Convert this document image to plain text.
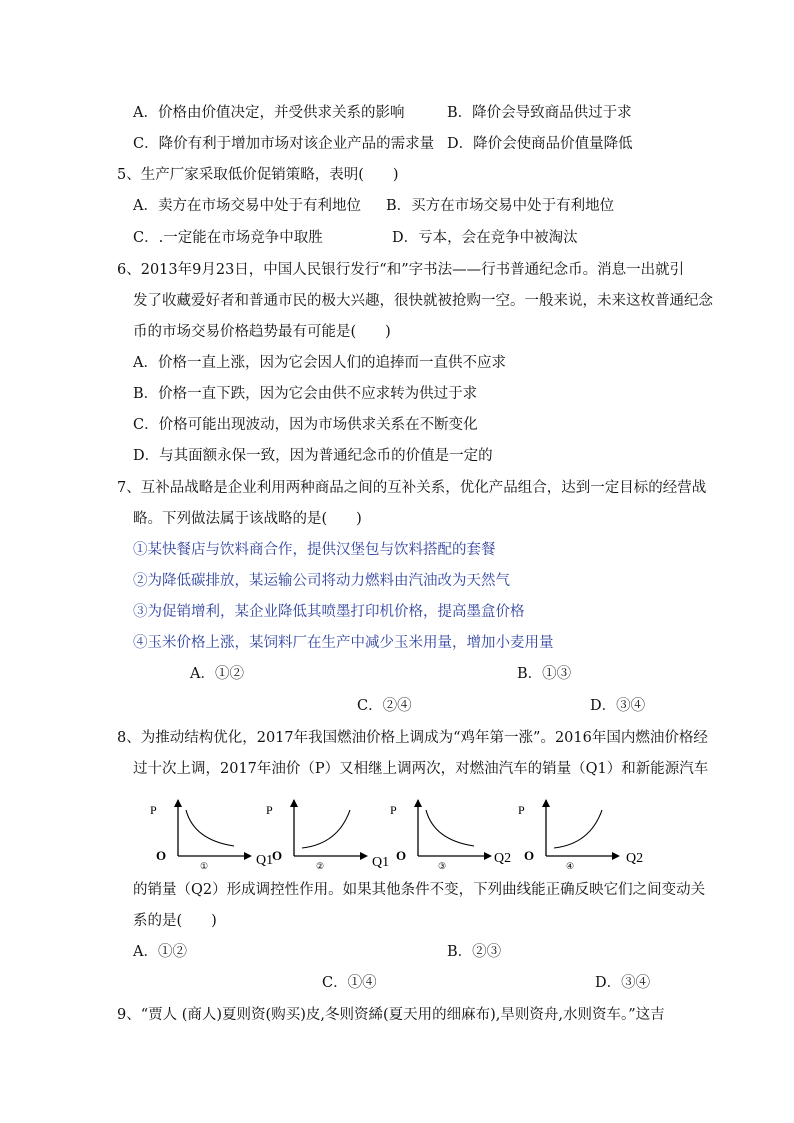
A．价格由价值决定，并受供求关系的影响	B．降价会导致商品供过于求
C．降价有利于增加市场对该企业产品的需求量 D．降价会使商品价值量降低
5、生产厂家采取低价促销策略，表明(　　)
A．卖方在市场交易中处于有利地位 B．买方在市场交易中处于有利地位
C．.一定能在市场竞争中取胜	D．亏本，会在竞争中被淘汰
6、2013年9月23日，中国人民银行发行“和”字书法——行书普通纪念币。消息一出就引
发了收藏爱好者和普通市民的极大兴趣，很快就被抢购一空。一般来说，未来这枚普通纪念
币的市场交易价格趋势最有可能是(　　)
A．价格一直上涨，因为它会因人们的追捧而一直供不应求
B．价格一直下跌，因为它会由供不应求转为供过于求
C．价格可能出现波动，因为市场供求关系在不断变化
D．与其面额永保一致，因为普通纪念币的价值是一定的
7、互补品战略是企业利用两种商品之间的互补关系，优化产品组合，达到一定目标的经营战
略。下列做法属于该战略的是(　　)
①某快餐店与饮料商合作，提供汉堡包与饮料搭配的套餐
②为降低碳排放，某运输公司将动力燃料由汽油改为天然气
③为促销增利，某企业降低其喷墨打印机价格，提高墨盒价格
④玉米价格上涨，某饲料厂在生产中减少玉米用量，增加小麦用量
A．①②	B．①③
C．②④	D．③④
8、为推动结构优化，2017年我国燃油价格上调成为“鸡年第一涨”。2016年国内燃油价格经
过十次上调，2017年油价（P）又相继上调两次，对燃油汽车的销量（Q1）和新能源汽车
P
O
①	Q1
P
O
②	Q1
P
O
③	Q2
P
O
④	Q2
的销量（Q2）形成调控性作用。如果其他条件不变，下列曲线能正确反映它们之间变动关
系的是(　　)
A．①②	B．②③
C．①④	D．③④
9、“贾人 (商人)夏则资(购买)皮,冬则资絺(夏天用的细麻布),旱则资舟,水则资车。”这吉
